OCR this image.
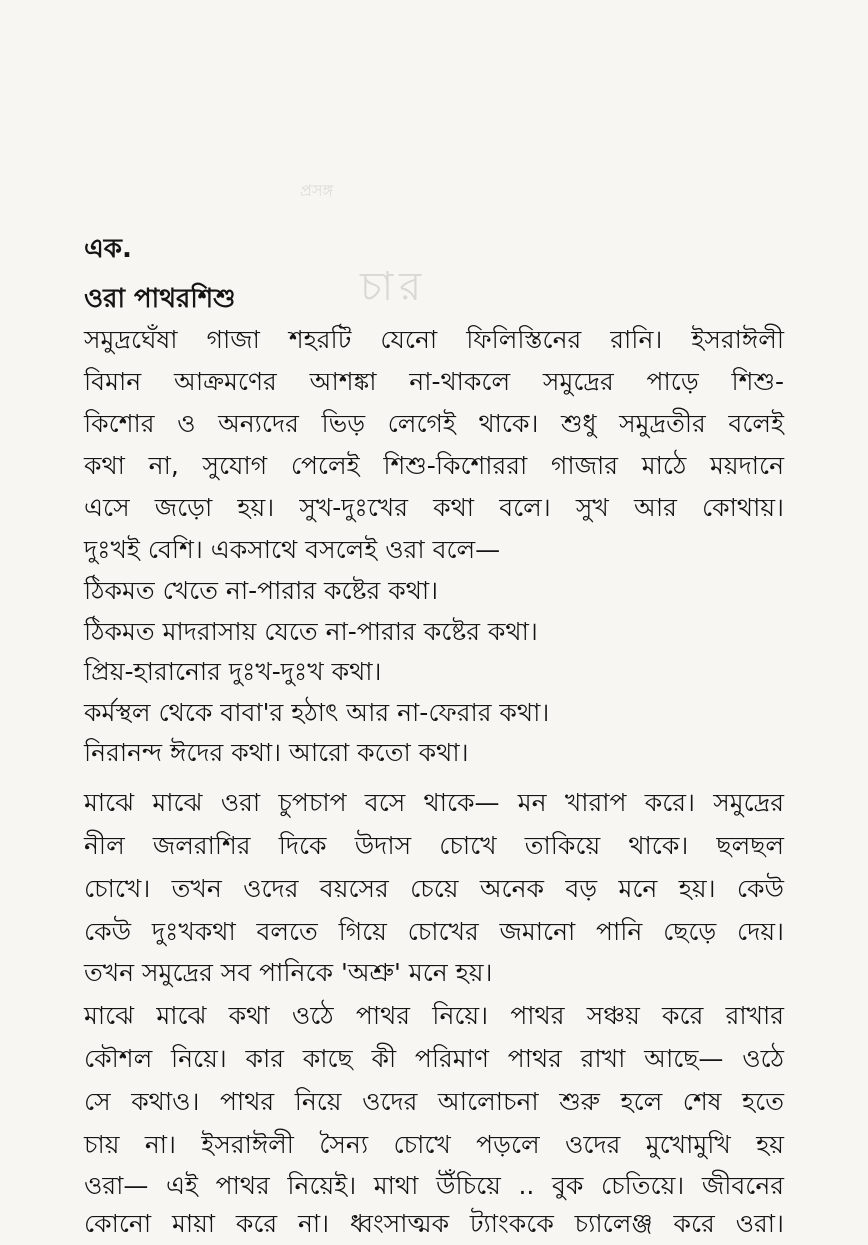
প্রসঙ্গ
চার
এক.
ওরা পাথরশিশু
সমুদ্রঘেঁষা গাজা শহরটি যেনো ফিলিস্তিনের রানি। ইসরাঈলী
বিমান আক্রমণের আশঙ্কা না-থাকলে সমুদ্রের পাড়ে শিশু-
কিশোর ও অন্যদের ভিড় লেগেই থাকে। শুধু সমুদ্রতীর বলেই
কথা না, সুযোগ পেলেই শিশু-কিশোররা গাজার মাঠে ময়দানে
এসে জড়ো হয়। সুখ-দুঃখের কথা বলে। সুখ আর কোথায়।
দুঃখই বেশি। একসাথে বসলেই ওরা বলে—
ঠিকমত খেতে না-পারার কষ্টের কথা।
ঠিকমত মাদরাসায় যেতে না-পারার কষ্টের কথা।
প্রিয়-হারানোর দুঃখ-দুঃখ কথা।
কর্মস্থল থেকে বাবা'র হঠাৎ আর না-ফেরার কথা।
নিরানন্দ ঈদের কথা। আরো কতো কথা।
মাঝে মাঝে ওরা চুপচাপ বসে থাকে— মন খারাপ করে। সমুদ্রের
নীল জলরাশির দিকে উদাস চোখে তাকিয়ে থাকে। ছলছল
চোখে। তখন ওদের বয়সের চেয়ে অনেক বড় মনে হয়। কেউ
কেউ দুঃখকথা বলতে গিয়ে চোখের জমানো পানি ছেড়ে দেয়।
তখন সমুদ্রের সব পানিকে 'অশ্রু' মনে হয়।
মাঝে মাঝে কথা ওঠে পাথর নিয়ে। পাথর সঞ্চয় করে রাখার
কৌশল নিয়ে। কার কাছে কী পরিমাণ পাথর রাখা আছে— ওঠে
সে কথাও। পাথর নিয়ে ওদের আলোচনা শুরু হলে শেষ হতে
চায় না। ইসরাঈলী সৈন্য চোখে পড়লে ওদের মুখোমুখি হয়
ওরা— এই পাথর নিয়েই। মাথা উঁচিয়ে .. বুক চেতিয়ে। জীবনের
কোনো মায়া করে না। ধ্বংসাত্মক ট্যাংককে চ্যালেঞ্জ করে ওরা।
